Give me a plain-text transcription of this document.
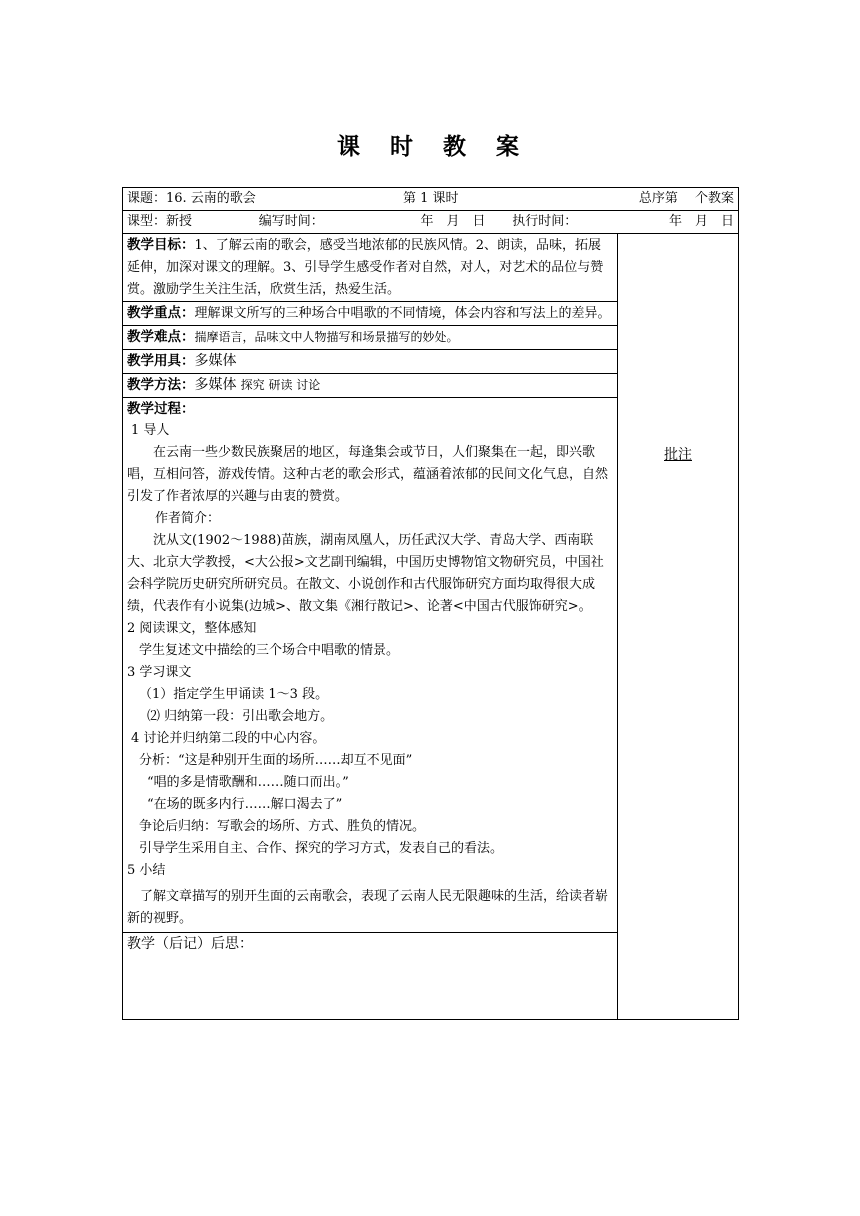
课 时 教 案
课题：16. 云南的歌会	第 1 课时	总序第　 个教案

课型：新授	编写时间：	年　月　日	执行时间：	年　月　日

教学目标：1、了解云南的歌会，感受当地浓郁的民族风情。2、朗读，品味，拓展延伸，加深对课文的理解。3、引导学生感受作者对自然，对人，对艺术的品位与赞赏。激励学生关注生活，欣赏生活，热爱生活。	批注
教学重点：理解课文所写的三种场合中唱歌的不同情境，体会内容和写法上的差异。
教学难点：揣摩语言，品味文中人物描写和场景描写的妙处。
教学用具：多媒体
教学方法：多媒体 探究 研读 讨论

教学过程：

1 导人

在云南一些少数民族聚居的地区，每逢集会或节日，人们聚集在一起，即兴歌唱，互相问答，游戏传情。这种古老的歌会形式，蕴涵着浓郁的民间文化气息，自然引发了作者浓厚的兴趣与由衷的赞赏。

作者简介：

沈从文(1902～1988)苗族，湖南凤凰人，历任武汉大学、青岛大学、西南联大、北京大学教授，<大公报>文艺副刊编辑，中国历史博物馆文物研究员，中国社会科学院历史研究所研究员。在散文、小说创作和古代服饰研究方面均取得很大成绩，代表作有小说集(边城>、散文集《湘行散记>、论著<中国古代服饰研究>。

2 阅读课文，整体感知

学生复述文中描绘的三个场合中唱歌的情景。

3 学习课文

（1）指定学生甲诵读 1～3 段。

⑵ 归纳第一段：引出歌会地方。

4 讨论并归纳第二段的中心内容。

分析：“这是种别开生面的场所……却互不见面”

“唱的多是情歌酬和……随口而出。”

“在场的既多内行……解口渴去了”

争论后归纳：写歌会的场所、方式、胜负的情况。

引导学生采用自主、合作、探究的学习方式，发表自己的看法。

5 小结

了解文章描写的别开生面的云南歌会，表现了云南人民无限趣味的生活，给读者崭新的视野。

教学（后记）后思：
